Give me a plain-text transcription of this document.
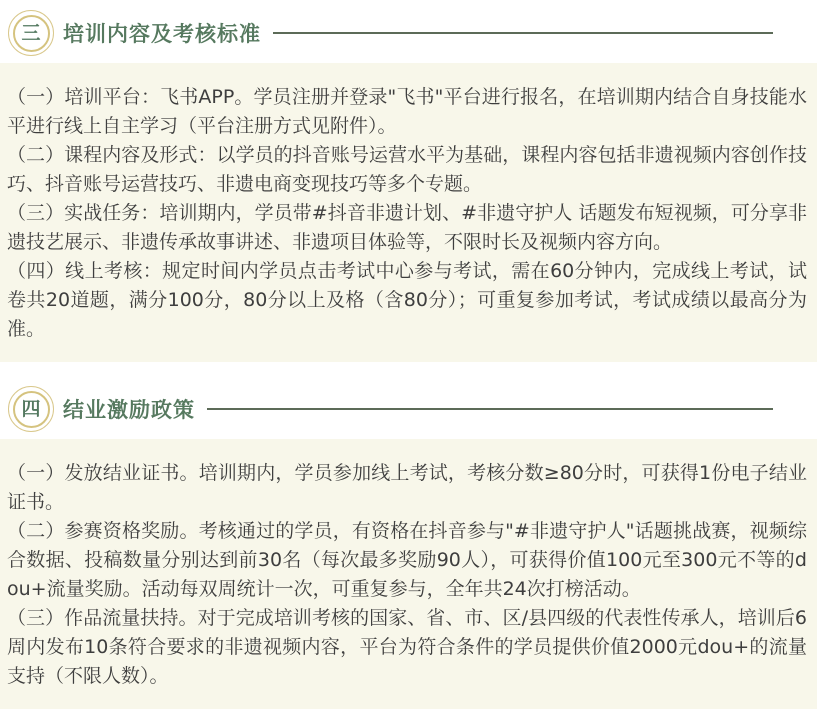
三	培训内容及考核标准

（一）培训平台：飞书APP。学员注册并登录"飞书"平台进行报名，在培训期内结合自身技能水平进行线上自主学习（平台注册方式见附件）。

（二）课程内容及形式：以学员的抖音账号运营水平为基础，课程内容包括非遗视频内容创作技巧、抖音账号运营技巧、非遗电商变现技巧等多个专题。

（三）实战任务：培训期内，学员带#抖音非遗计划、#非遗守护人 话题发布短视频，可分享非遗技艺展示、非遗传承故事讲述、非遗项目体验等，不限时长及视频内容方向。

（四）线上考核：规定时间内学员点击考试中心参与考试，需在60分钟内，完成线上考试，试卷共20道题，满分100分，80分以上及格（含80分）；可重复参加考试，考试成绩以最高分为准。

四	结业激励政策

（一）发放结业证书。培训期内，学员参加线上考试，考核分数≥80分时，可获得1份电子结业证书。

（二）参赛资格奖励。考核通过的学员，有资格在抖音参与"#非遗守护人"话题挑战赛，视频综合数据、投稿数量分别达到前30名（每次最多奖励90人），可获得价值100元至300元不等的dou+流量奖励。活动每双周统计一次，可重复参与，全年共24次打榜活动。

（三）作品流量扶持。对于完成培训考核的国家、省、市、区/县四级的代表性传承人，培训后6周内发布10条符合要求的非遗视频内容，平台为符合条件的学员提供价值2000元dou+的流量支持（不限人数）。
